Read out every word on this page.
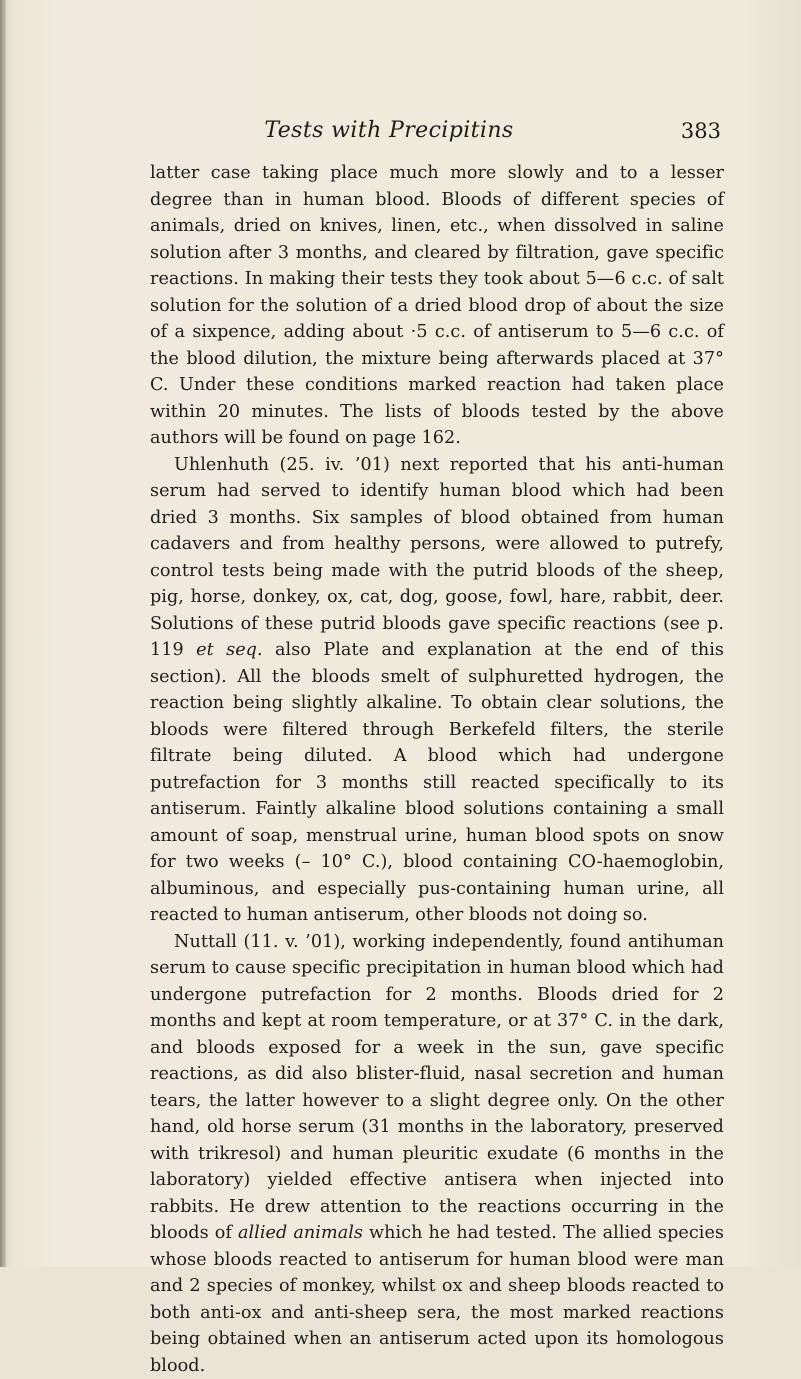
Tests with Precipitins	383

latter case taking place much more slowly and to a lesser degree than in human blood. Bloods of different species of animals, dried on knives, linen, etc., when dissolved in saline solution after 3 months, and cleared by filtration, gave specific reactions. In making their tests they took about 5—6 c.c. of salt solution for the solution of a dried blood drop of about the size of a sixpence, adding about ·5 c.c. of antiserum to 5—6 c.c. of the blood dilution, the mixture being afterwards placed at 37° C. Under these conditions marked reaction had taken place within 20 minutes. The lists of bloods tested by the above authors will be found on page 162.

Uhlenhuth (25. iv. ’01) next reported that his anti-human serum had served to identify human blood which had been dried 3 months. Six samples of blood obtained from human cadavers and from healthy persons, were allowed to putrefy, control tests being made with the putrid bloods of the sheep, pig, horse, donkey, ox, cat, dog, goose, fowl, hare, rabbit, deer. Solutions of these putrid bloods gave specific reactions (see p. 119 et seq. also Plate and explanation at the end of this section). All the bloods smelt of sulphuretted hydrogen, the reaction being slightly alkaline. To obtain clear solutions, the bloods were filtered through Berkefeld filters, the sterile filtrate being diluted. A blood which had undergone putrefaction for 3 months still reacted specifically to its antiserum. Faintly alkaline blood solutions containing a small amount of soap, menstrual urine, human blood spots on snow for two weeks (– 10° C.), blood containing CO-haemoglobin, albuminous, and especially pus-containing human urine, all reacted to human antiserum, other bloods not doing so.

Nuttall (11. v. ’01), working independently, found antihuman serum to cause specific precipitation in human blood which had undergone putrefaction for 2 months. Bloods dried for 2 months and kept at room temperature, or at 37° C. in the dark, and bloods exposed for a week in the sun, gave specific reactions, as did also blister-fluid, nasal secretion and human tears, the latter however to a slight degree only. On the other hand, old horse serum (31 months in the laboratory, preserved with trikresol) and human pleuritic exudate (6 months in the laboratory) yielded effective antisera when injected into rabbits. He drew attention to the reactions occurring in the bloods of allied animals which he had tested. The allied species whose bloods reacted to antiserum for human blood were man and 2 species of monkey, whilst ox and sheep bloods reacted to both anti-ox and anti-sheep sera, the most marked reactions being obtained when an antiserum acted upon its homologous blood.
